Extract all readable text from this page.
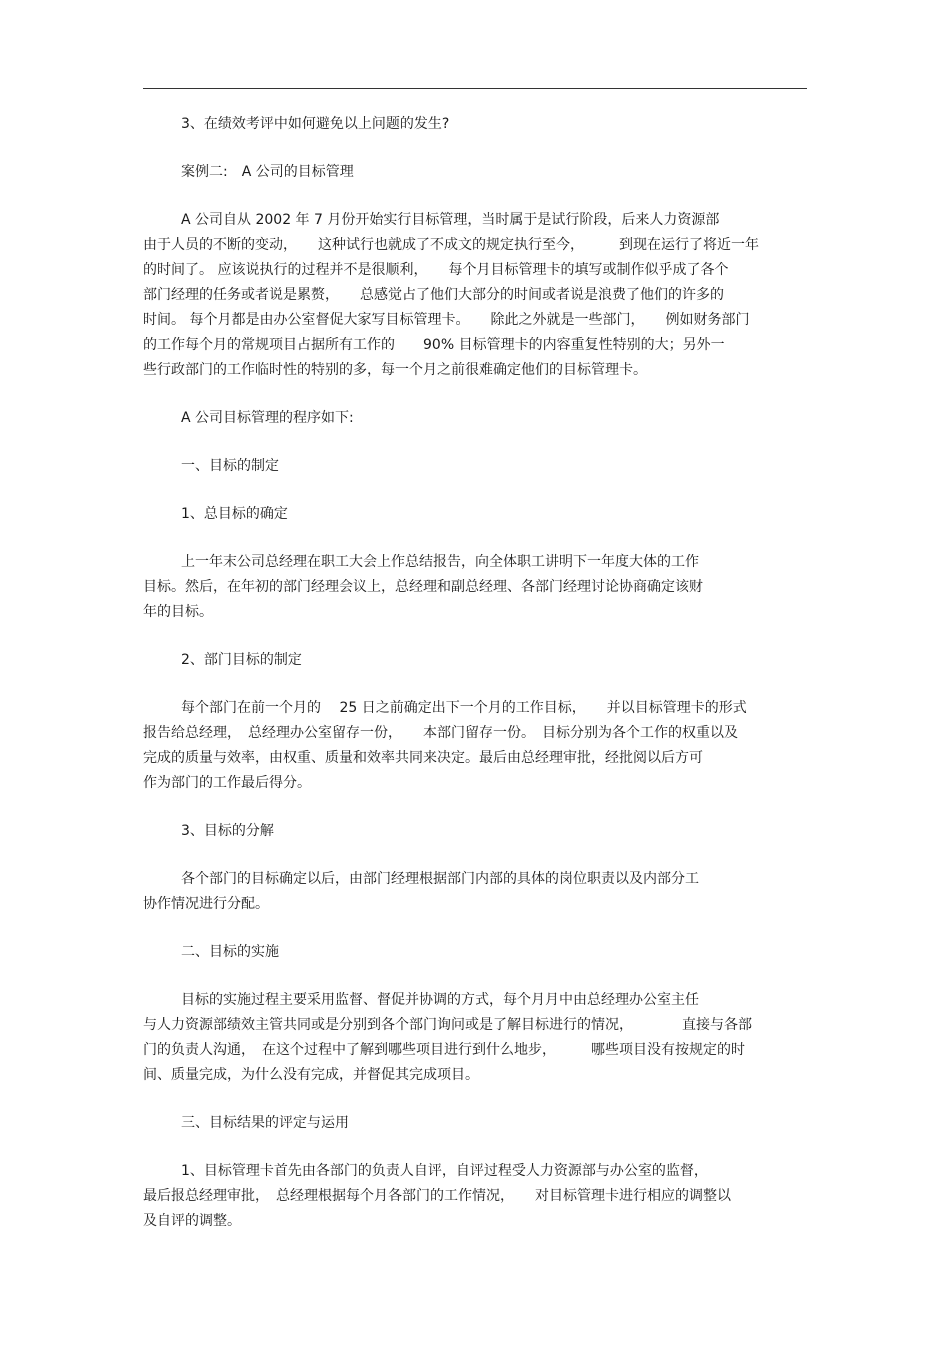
3、在绩效考评中如何避免以上问题的发生?
案例二:　A 公司的目标管理
A 公司自从 2002 年 7 月份开始实行目标管理，当时属于是试行阶段，后来人力资源部
由于人员的不断的变动，　　这种试行也就成了不成文的规定执行至今，　　　到现在运行了将近一年
的时间了。 应该说执行的过程并不是很顺利，　　每个月目标管理卡的填写或制作似乎成了各个
部门经理的任务或者说是累赘，　　总感觉占了他们大部分的时间或者说是浪费了他们的许多的
时间。 每个月都是由办公室督促大家写目标管理卡。　　除此之外就是一些部门，　　例如财务部门
的工作每个月的常规项目占据所有工作的　　90% 目标管理卡的内容重复性特别的大；另外一
些行政部门的工作临时性的特别的多，每一个月之前很难确定他们的目标管理卡。
A 公司目标管理的程序如下:
一、目标的制定
1、总目标的确定
上一年末公司总经理在职工大会上作总结报告，向全体职工讲明下一年度大体的工作
目标。然后，在年初的部门经理会议上，总经理和副总经理、各部门经理讨论协商确定该财
年的目标。
2、部门目标的制定
每个部门在前一个月的　 25 日之前确定出下一个月的工作目标，　　并以目标管理卡的形式
报告给总经理，　总经理办公室留存一份，　　本部门留存一份。　目标分别为各个工作的权重以及
完成的质量与效率，由权重、质量和效率共同来决定。最后由总经理审批，经批阅以后方可
作为部门的工作最后得分。
3、目标的分解
各个部门的目标确定以后，由部门经理根据部门内部的具体的岗位职责以及内部分工
协作情况进行分配。
二、目标的实施
目标的实施过程主要采用监督、督促并协调的方式，每个月月中由总经理办公室主任
与人力资源部绩效主管共同或是分别到各个部门询问或是了解目标进行的情况，　　　　直接与各部
门的负责人沟通，　在这个过程中了解到哪些项目进行到什么地步，　　　哪些项目没有按规定的时
间、质量完成，为什么没有完成，并督促其完成项目。
三、目标结果的评定与运用
1、目标管理卡首先由各部门的负责人自评，自评过程受人力资源部与办公室的监督，
最后报总经理审批，　总经理根据每个月各部门的工作情况，　　对目标管理卡进行相应的调整以
及自评的调整。
